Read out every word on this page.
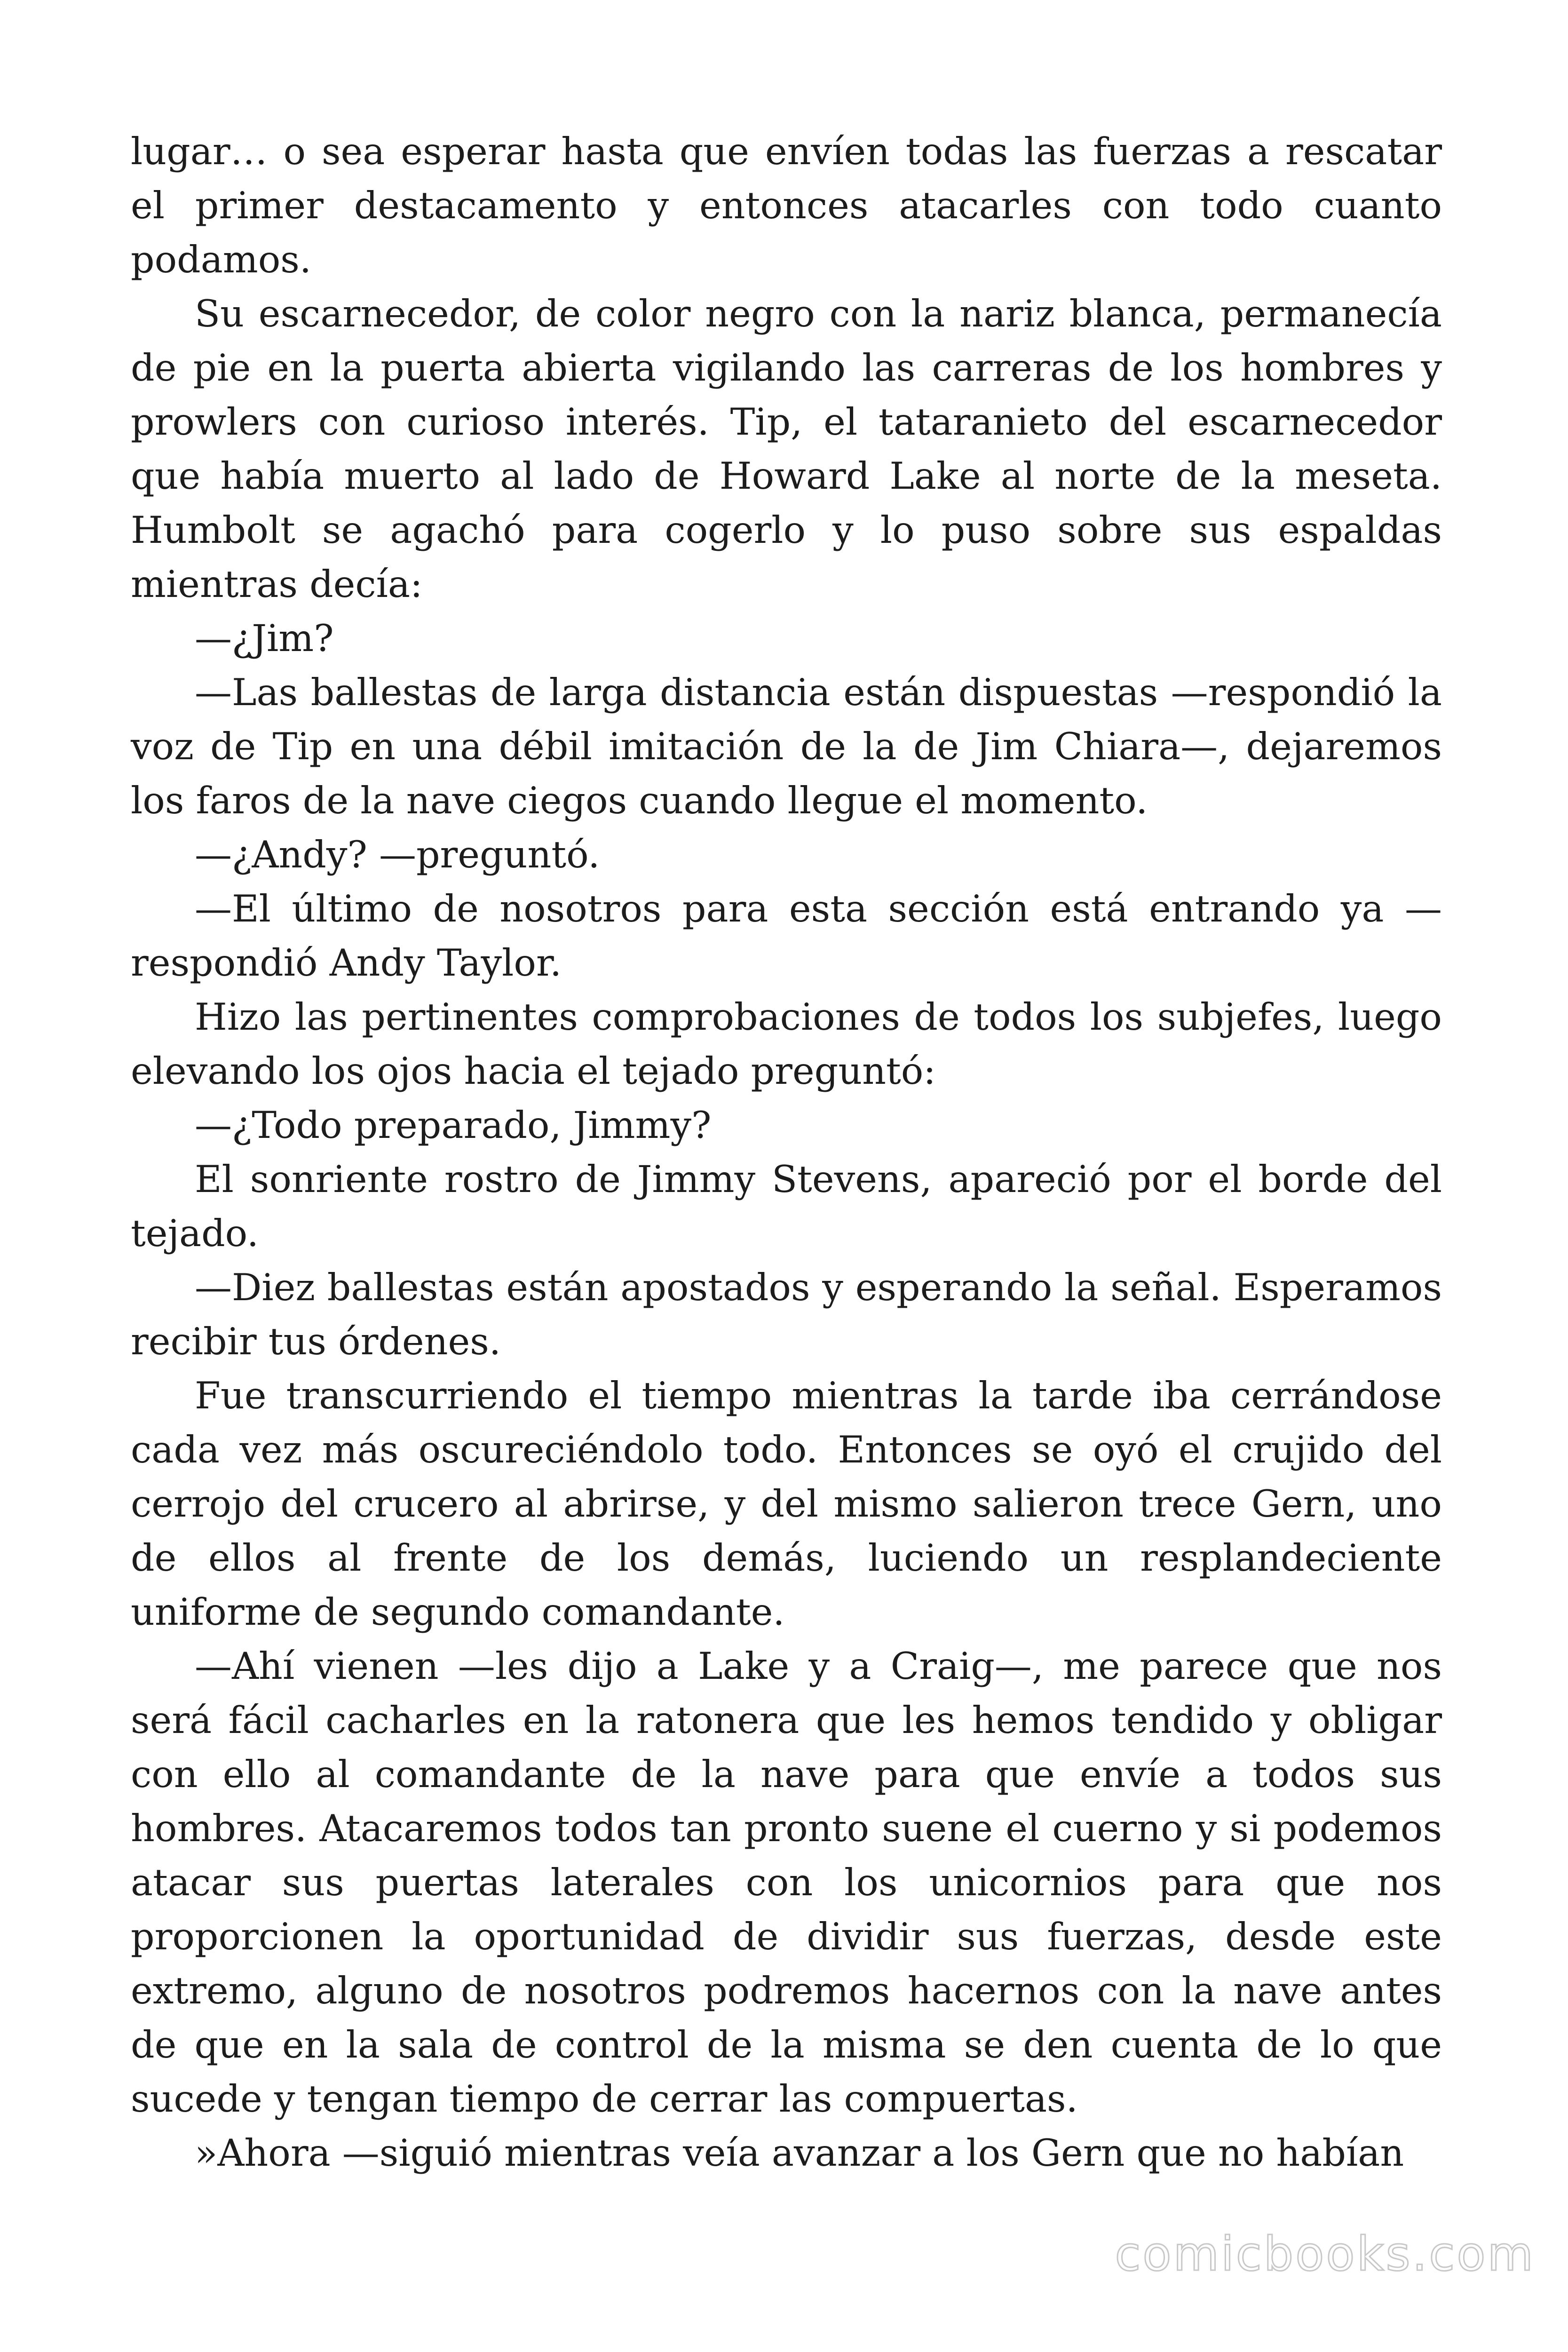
lugar… o sea esperar hasta que envíen todas las fuerzas a rescatar el primer destacamento y entonces atacarles con todo cuanto podamos.

Su escarnecedor, de color negro con la nariz blanca, permanecía de pie en la puerta abierta vigilando las carreras de los hombres y prowlers con curioso interés. Tip, el tataranieto del escarnecedor que había muerto al lado de Howard Lake al norte de la meseta. Humbolt se agachó para cogerlo y lo puso sobre sus espaldas mientras decía:

—¿Jim?

—Las ballestas de larga distancia están dispuestas —respondió la voz de Tip en una débil imitación de la de Jim Chiara—, dejaremos los faros de la nave ciegos cuando llegue el momento.

—¿Andy? —preguntó.

—El último de nosotros para esta sección está entrando ya —respondió Andy Taylor.

Hizo las pertinentes comprobaciones de todos los subjefes, luego elevando los ojos hacia el tejado preguntó:

—¿Todo preparado, Jimmy?

El sonriente rostro de Jimmy Stevens, apareció por el borde del tejado.

—Diez ballestas están apostados y esperando la señal. Esperamos recibir tus órdenes.

Fue transcurriendo el tiempo mientras la tarde iba cerrándose cada vez más oscureciéndolo todo. Entonces se oyó el crujido del cerrojo del crucero al abrirse, y del mismo salieron trece Gern, uno de ellos al frente de los demás, luciendo un resplandeciente uniforme de segundo comandante.

—Ahí vienen —les dijo a Lake y a Craig—, me parece que nos será fácil cacharles en la ratonera que les hemos tendido y obligar con ello al comandante de la nave para que envíe a todos sus hombres. Atacaremos todos tan pronto suene el cuerno y si podemos atacar sus puertas laterales con los unicornios para que nos proporcionen la oportunidad de dividir sus fuerzas, desde este extremo, alguno de nosotros podremos hacernos con la nave antes de que en la sala de control de la misma se den cuenta de lo que sucede y tengan tiempo de cerrar las compuertas.

»Ahora —siguió mientras veía avanzar a los Gern que no habían

comicbooks.com
